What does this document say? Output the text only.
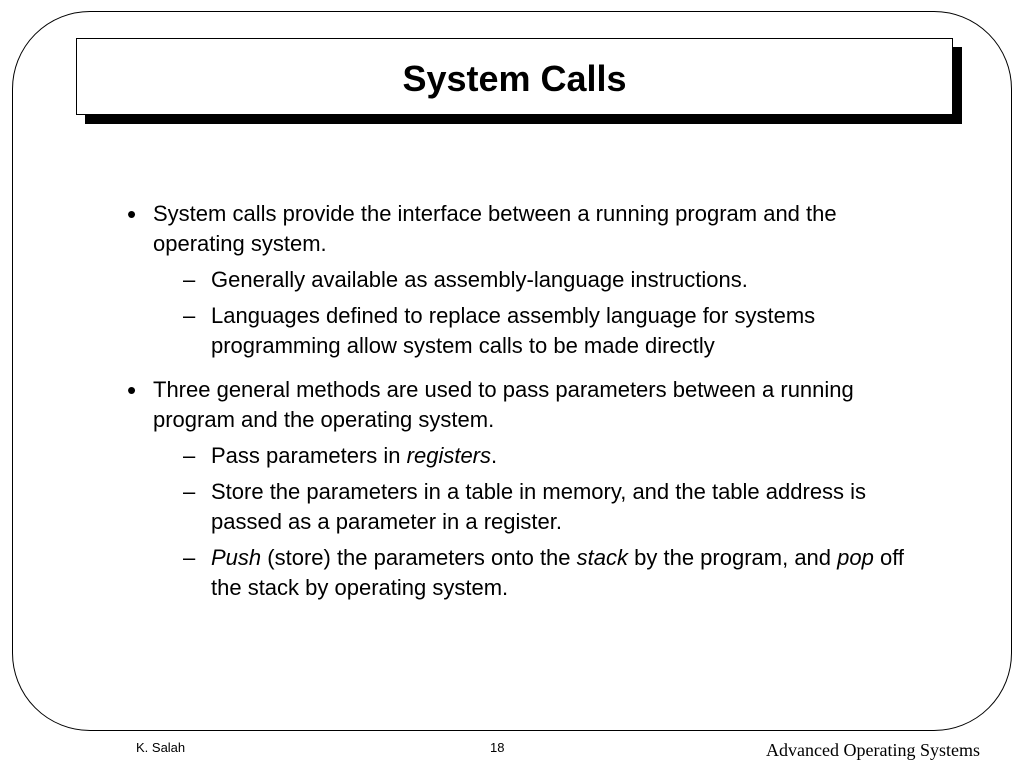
System Calls
• System calls provide the interface between a running program and the operating system.
– Generally available as assembly-language instructions.
– Languages defined to replace assembly language for systems programming allow system calls to be made directly
• Three general methods are used to pass parameters between a running program and the operating system.
– Pass parameters in registers.
– Store the parameters in a table in memory, and the table address is passed as a parameter in a register.
– Push (store) the parameters onto the stack by the program, and pop off the stack by operating system.
K. Salah	18	Advanced Operating Systems
